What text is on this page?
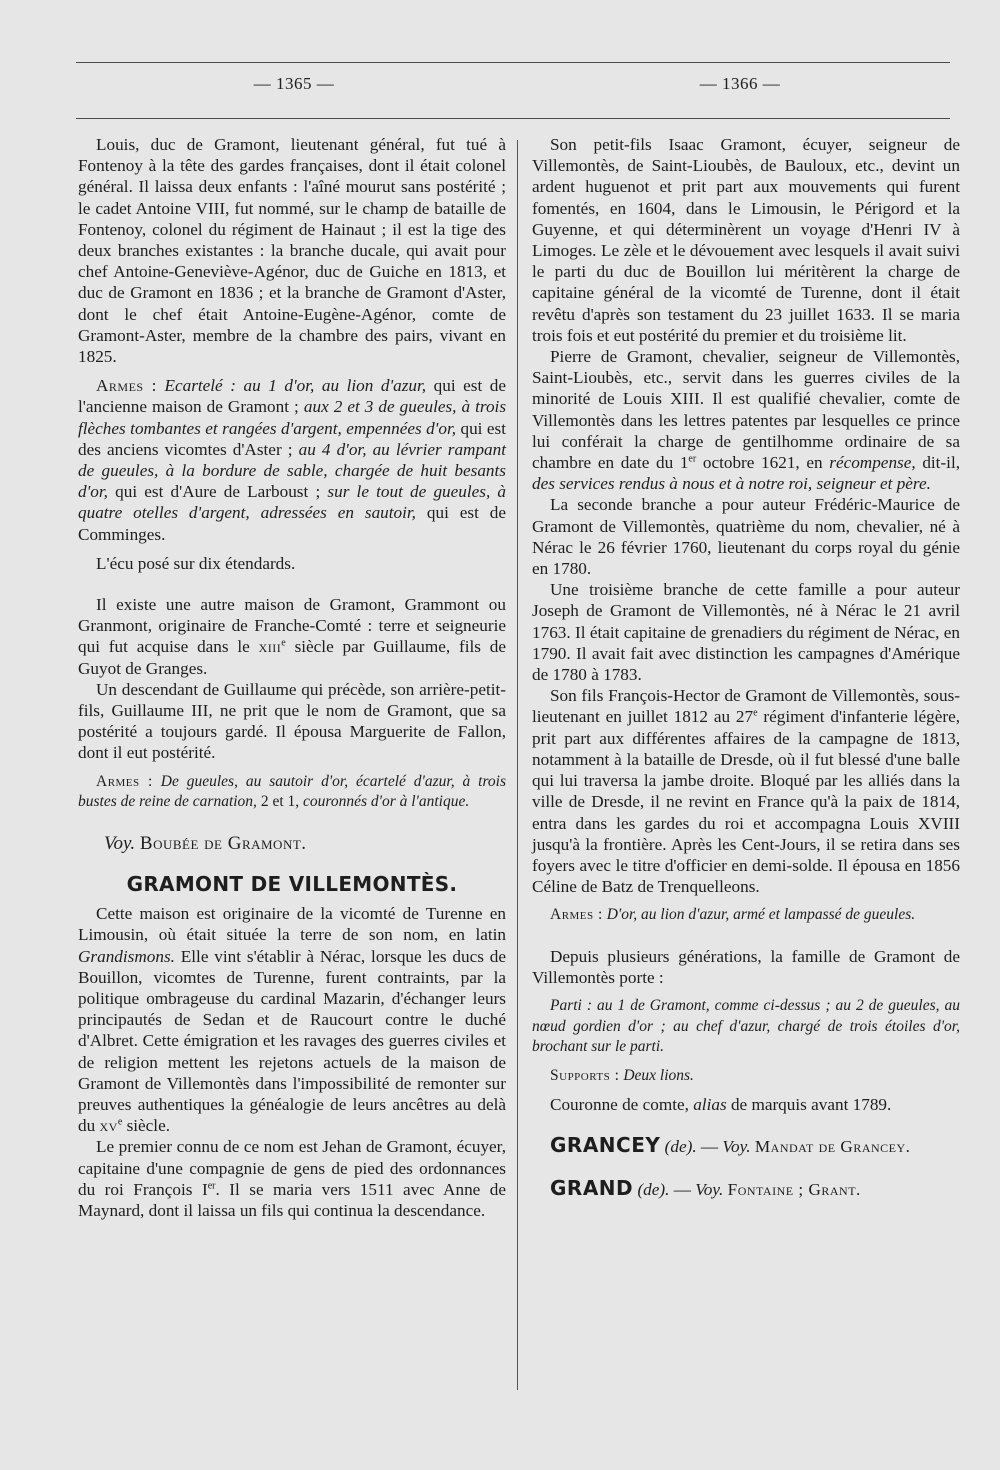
— 1365 —	— 1366 —

Louis, duc de Gramont, lieutenant général, fut tué à Fontenoy à la tête des gardes françaises, dont il était colonel général. Il laissa deux enfants : l'aîné mourut sans postérité ; le cadet Antoine VIII, fut nommé, sur le champ de bataille de Fontenoy, colonel du régiment de Hainaut ; il est la tige des deux branches existantes : la branche ducale, qui avait pour chef Antoine-Geneviève-Agénor, duc de Guiche en 1813, et duc de Gramont en 1836 ; et la branche de Gramont d'Aster, dont le chef était Antoine-Eugène-Agénor, comte de Gramont-Aster, membre de la chambre des pairs, vivant en 1825.

Armes : Ecartelé : au 1 d'or, au lion d'azur, qui est de l'ancienne maison de Gramont ; aux 2 et 3 de gueules, à trois flèches tombantes et rangées d'argent, empennées d'or, qui est des anciens vicomtes d'Aster ; au 4 d'or, au lévrier rampant de gueules, à la bordure de sable, chargée de huit besants d'or, qui est d'Aure de Larboust ; sur le tout de gueules, à quatre otelles d'argent, adressées en sautoir, qui est de Comminges.

L'écu posé sur dix étendards.

Il existe une autre maison de Gramont, Grammont ou Granmont, originaire de Franche-Comté : terre et seigneurie qui fut acquise dans le xiii$^e$ siècle par Guillaume, fils de Guyot de Granges.

Un descendant de Guillaume qui précède, son arrière-petit-fils, Guillaume III, ne prit que le nom de Gramont, que sa postérité a toujours gardé. Il épousa Marguerite de Fallon, dont il eut postérité.

Armes : De gueules, au sautoir d'or, écartelé d'azur, à trois bustes de reine de carnation, 2 et 1, couronnés d'or à l'antique.

Voy. Boubée de Gramont.

GRAMONT DE VILLEMONTÈS.

Cette maison est originaire de la vicomté de Turenne en Limousin, où était située la terre de son nom, en latin Grandismons. Elle vint s'établir à Nérac, lorsque les ducs de Bouillon, vicomtes de Turenne, furent contraints, par la politique ombrageuse du cardinal Mazarin, d'échanger leurs principautés de Sedan et de Raucourt contre le duché d'Albret. Cette émigration et les ravages des guerres civiles et de religion mettent les rejetons actuels de la maison de Gramont de Villemontès dans l'impossibilité de remonter sur preuves authentiques la généalogie de leurs ancêtres au delà du $xv^e$ siècle.

Le premier connu de ce nom est Jehan de Gramont, écuyer, capitaine d'une compagnie de gens de pied des ordonnances du roi François Ier. Il se maria vers 1511 avec Anne de Maynard, dont il laissa un fils qui continua la descendance.

Son petit-fils Isaac Gramont, écuyer, seigneur de Villemontès, de Saint-Lioubès, de Bauloux, etc., devint un ardent huguenot et prit part aux mouvements qui furent fomentés, en 1604, dans le Limousin, le Périgord et la Guyenne, et qui déterminèrent un voyage d'Henri IV à Limoges. Le zèle et le dévouement avec lesquels il avait suivi le parti du duc de Bouillon lui méritèrent la charge de capitaine général de la vicomté de Turenne, dont il était revêtu d'après son testament du 23 juillet 1633. Il se maria trois fois et eut postérité du premier et du troisième lit.

Pierre de Gramont, chevalier, seigneur de Villemontès, Saint-Lioubès, etc., servit dans les guerres civiles de la minorité de Louis XIII. Il est qualifié chevalier, comte de Villemontès dans les lettres patentes par lesquelles ce prince lui conférait la charge de gentilhomme ordinaire de sa chambre en date du 1er octobre 1621, en récompense, dit-il, des services rendus à nous et à notre roi, seigneur et père.

La seconde branche a pour auteur Frédéric-Maurice de Gramont de Villemontès, quatrième du nom, chevalier, né à Nérac le 26 février 1760, lieutenant du corps royal du génie en 1780.

Une troisième branche de cette famille a pour auteur Joseph de Gramont de Villemontès, né à Nérac le 21 avril 1763. Il était capitaine de grenadiers du régiment de Nérac, en 1790. Il avait fait avec distinction les campagnes d'Amérique de 1780 à 1783.

Son fils François-Hector de Gramont de Villemontès, sous-lieutenant en juillet 1812 au 27e régiment d'infanterie légère, prit part aux différentes affaires de la campagne de 1813, notamment à la bataille de Dresde, où il fut blessé d'une balle qui lui traversa la jambe droite. Bloqué par les alliés dans la ville de Dresde, il ne revint en France qu'à la paix de 1814, entra dans les gardes du roi et accompagna Louis XVIII jusqu'à la frontière. Après les Cent-Jours, il se retira dans ses foyers avec le titre d'officier en demi-solde. Il épousa en 1856 Céline de Batz de Trenquelleons.

Armes : D'or, au lion d'azur, armé et lampassé de gueules.

Depuis plusieurs générations, la famille de Gramont de Villemontès porte :

Parti : au 1 de Gramont, comme ci-dessus ; au 2 de gueules, au nœud gordien d'or ; au chef d'azur, chargé de trois étoiles d'or, brochant sur le parti.

Supports : Deux lions.

Couronne de comte, alias de marquis avant 1789.

GRANCEY (de). — Voy. Mandat de Grancey.

GRAND (de). — Voy. Fontaine ; Grant.
